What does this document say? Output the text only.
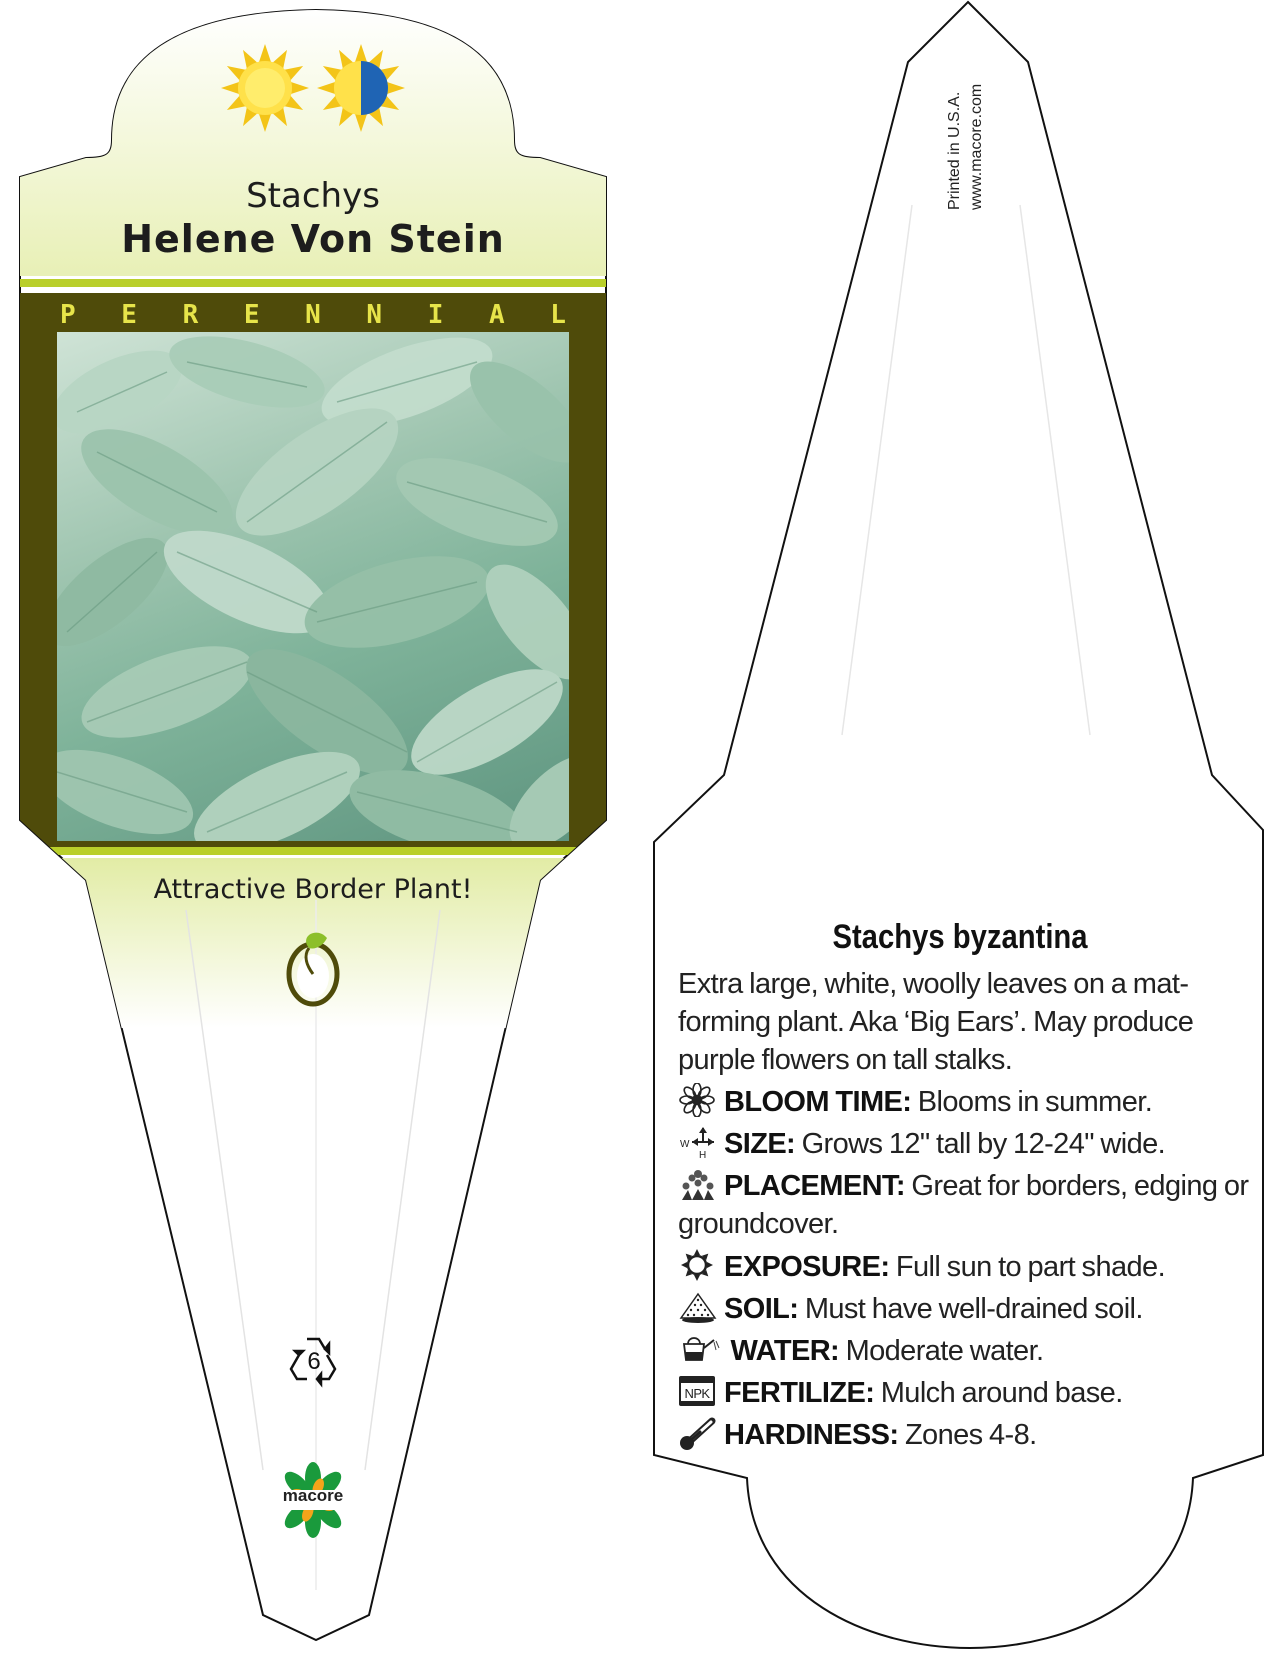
Stachys
Helene Von Stein
P E R E N N I A L
Attractive Border Plant!
6
macore
Printed in U.S.A. www.macore.com
Stachys byzantina
Extra large, white, woolly leaves on a mat-forming plant. Aka ‘Big Ears’. May produce purple flowers on tall stalks.
BLOOM TIME: Blooms in summer.
W
H SIZE: Grows 12" tall by 12-24" wide.
PLACEMENT: Great for borders, edging or groundcover.
EXPOSURE: Full sun to part shade.
SOIL: Must have well-drained soil.
WATER: Moderate water.
NPK FERTILIZE: Mulch around base.
HARDINESS: Zones 4-8.
